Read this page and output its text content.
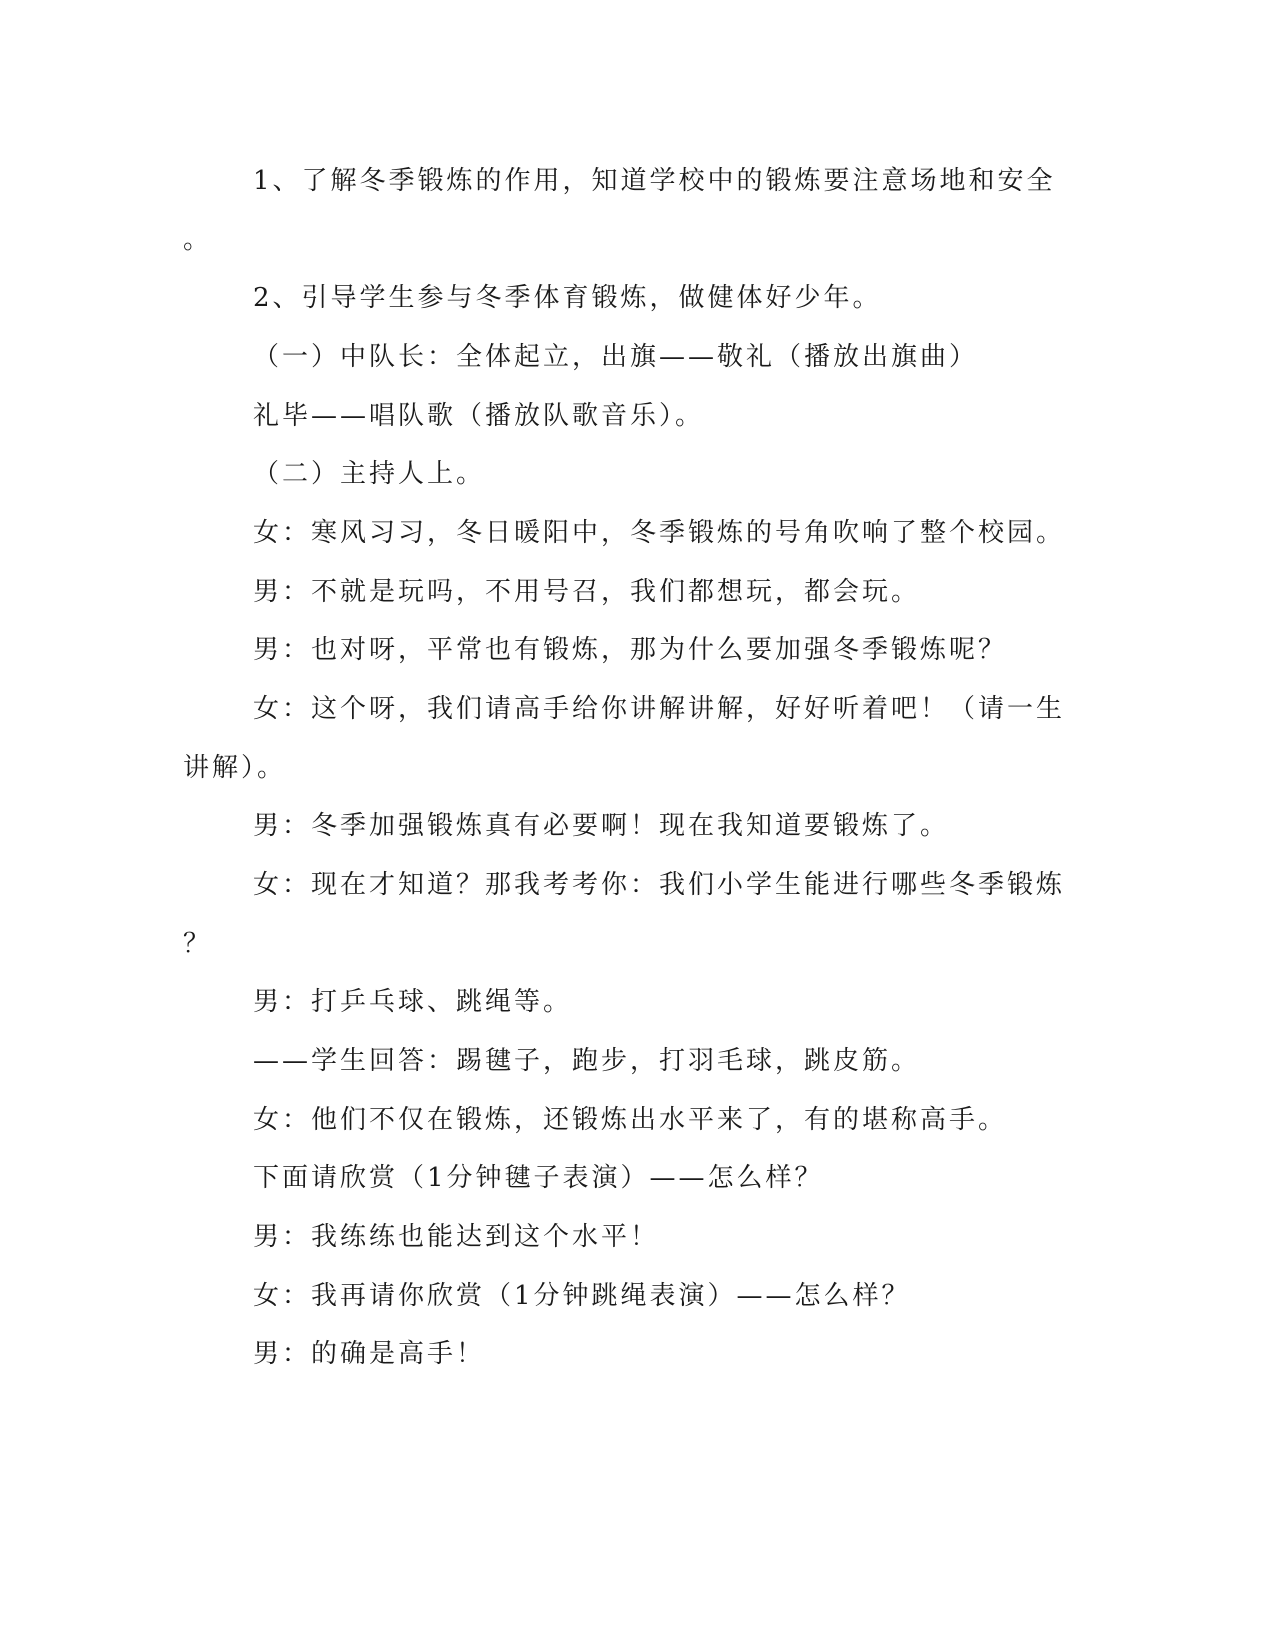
1、了解冬季锻炼的作用，知道学校中的锻炼要注意场地和安全
。
2、引导学生参与冬季体育锻炼，做健体好少年。
（一）中队长：全体起立，出旗——敬礼（播放出旗曲）
礼毕——唱队歌（播放队歌音乐）。
（二）主持人上。
女：寒风习习，冬日暖阳中，冬季锻炼的号角吹响了整个校园。
男：不就是玩吗，不用号召，我们都想玩，都会玩。
男：也对呀，平常也有锻炼，那为什么要加强冬季锻炼呢？
女：这个呀，我们请高手给你讲解讲解，好好听着吧！（请一生
讲解）。
男：冬季加强锻炼真有必要啊！现在我知道要锻炼了。
女：现在才知道？那我考考你：我们小学生能进行哪些冬季锻炼
？
男：打乒乓球、跳绳等。
——学生回答：踢毽子，跑步，打羽毛球，跳皮筋。
女：他们不仅在锻炼，还锻炼出水平来了，有的堪称高手。
下面请欣赏（1分钟毽子表演）——怎么样？
男：我练练也能达到这个水平！
女：我再请你欣赏（1分钟跳绳表演）——怎么样？
男：的确是高手！
